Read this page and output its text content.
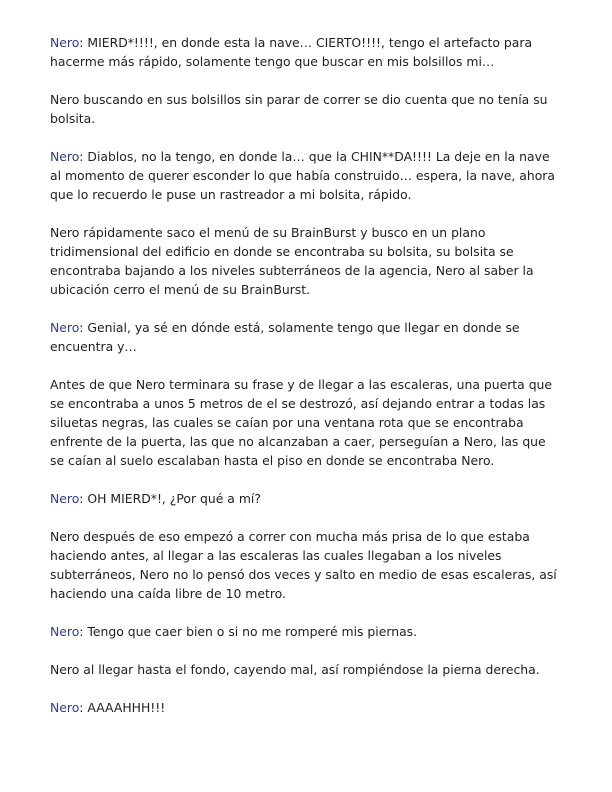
Nero: MIERD*!!!!, en donde esta la nave… CIERTO!!!!, tengo el artefacto para hacerme más rápido, solamente tengo que buscar en mis bolsillos mi…

Nero buscando en sus bolsillos sin parar de correr se dio cuenta que no tenía su bolsita.

Nero: Diablos, no la tengo, en donde la… que la CHIN**DA!!!! La deje en la nave al momento de querer esconder lo que había construido… espera, la nave, ahora que lo recuerdo le puse un rastreador a mi bolsita, rápido.

Nero rápidamente saco el menú de su BrainBurst y busco en un plano tridimensional del edificio en donde se encontraba su bolsita, su bolsita se encontraba bajando a los niveles subterráneos de la agencia, Nero al saber la ubicación cerro el menú de su BrainBurst.

Nero: Genial, ya sé en dónde está, solamente tengo que llegar en donde se encuentra y…

Antes de que Nero terminara su frase y de llegar a las escaleras, una puerta que se encontraba a unos 5 metros de el se destrozó, así dejando entrar a todas las siluetas negras, las cuales se caían por una ventana rota que se encontraba enfrente de la puerta, las que no alcanzaban a caer, perseguían a Nero, las que se caían al suelo escalaban hasta el piso en donde se encontraba Nero.

Nero: OH MIERD*!, ¿Por qué a mí?

Nero después de eso empezó a correr con mucha más prisa de lo que estaba haciendo antes, al llegar a las escaleras las cuales llegaban a los niveles subterráneos, Nero no lo pensó dos veces y salto en medio de esas escaleras, así haciendo una caída libre de 10 metro.

Nero: Tengo que caer bien o si no me romperé mis piernas.

Nero al llegar hasta el fondo, cayendo mal, así rompiéndose la pierna derecha.

Nero: AAAAHHH!!!
